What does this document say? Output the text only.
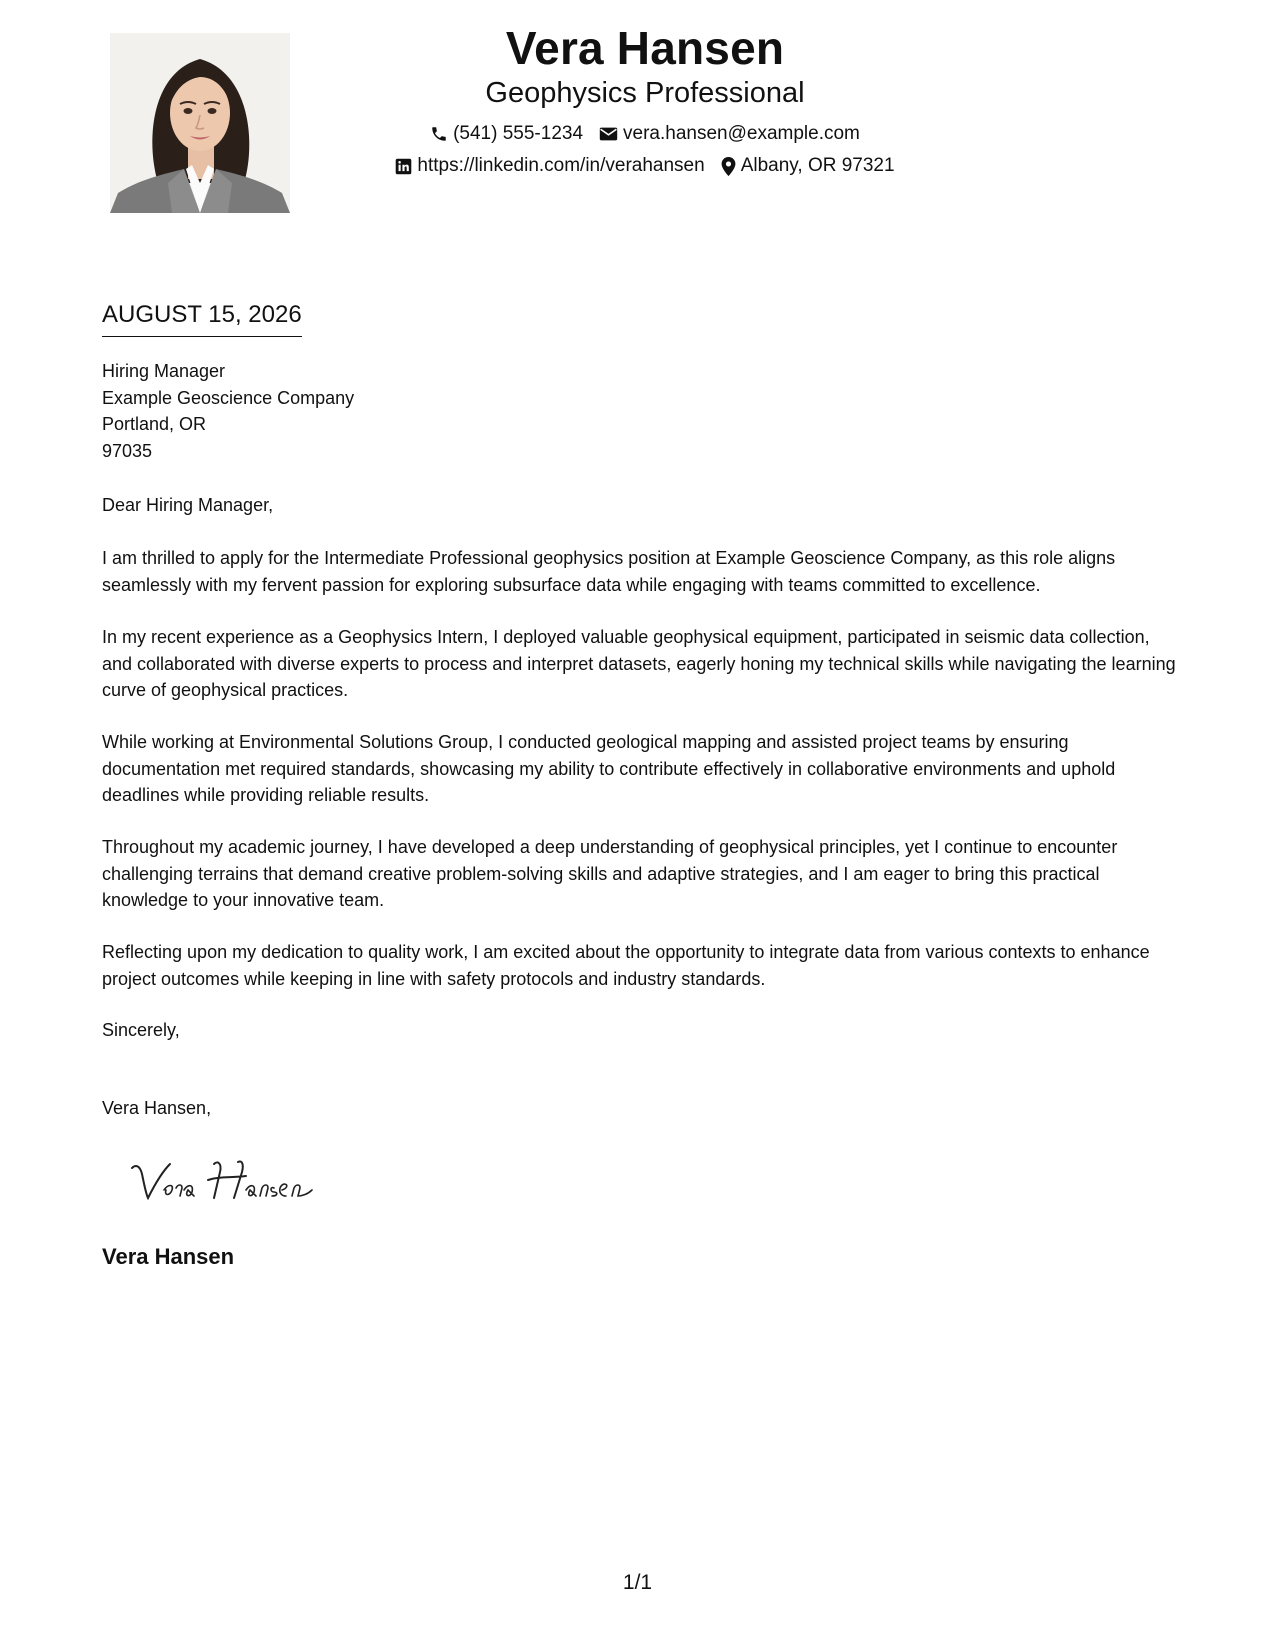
Vera Hansen
Geophysics Professional
(541) 555-1234 vera.hansen@example.com
https://linkedin.com/in/verahansen Albany, OR 97321
AUGUST 15, 2026
Hiring Manager
Example Geoscience Company
Portland, OR
97035
Dear Hiring Manager,
I am thrilled to apply for the Intermediate Professional geophysics position at Example Geoscience Company, as this role aligns seamlessly with my fervent passion for exploring subsurface data while engaging with teams committed to excellence.
In my recent experience as a Geophysics Intern, I deployed valuable geophysical equipment, participated in seismic data collection, and collaborated with diverse experts to process and interpret datasets, eagerly honing my technical skills while navigating the learning curve of geophysical practices.
While working at Environmental Solutions Group, I conducted geological mapping and assisted project teams by ensuring documentation met required standards, showcasing my ability to contribute effectively in collaborative environments and uphold deadlines while providing reliable results.
Throughout my academic journey, I have developed a deep understanding of geophysical principles, yet I continue to encounter challenging terrains that demand creative problem-solving skills and adaptive strategies, and I am eager to bring this practical knowledge to your innovative team.
Reflecting upon my dedication to quality work, I am excited about the opportunity to integrate data from various contexts to enhance project outcomes while keeping in line with safety protocols and industry standards.
Sincerely,
Vera Hansen,
Vera Hansen
1/1
